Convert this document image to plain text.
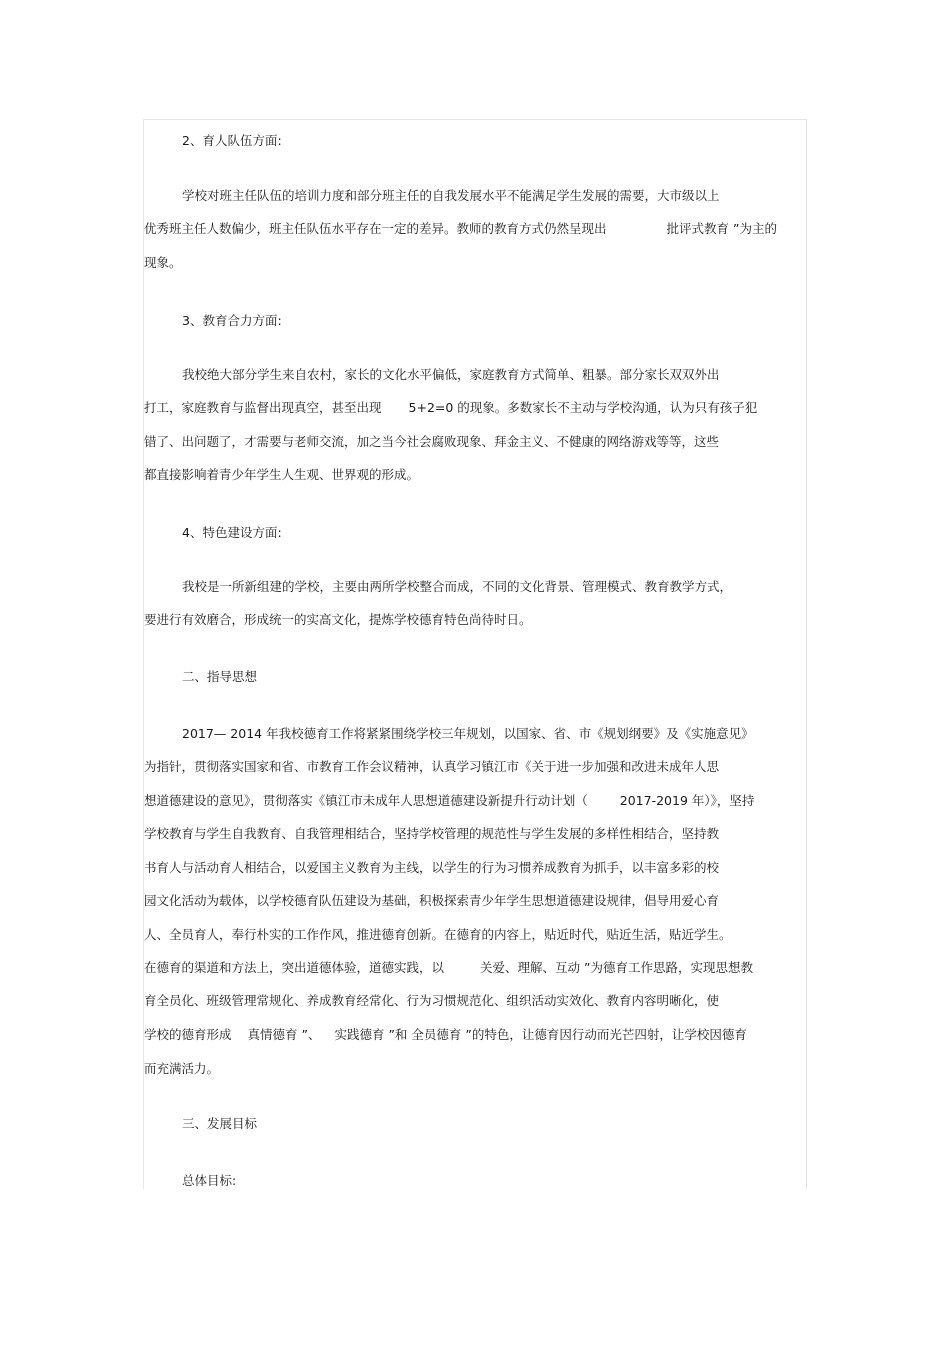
2、育人队伍方面:
学校对班主任队伍的培训力度和部分班主任的自我发展水平不能满足学生发展的需要，大市级以上
优秀班主任人数偏少，班主任队伍水平存在一定的差异。教师的教育方式仍然呈现出	批评式教育 ”为主的
现象。
3、教育合力方面:
我校绝大部分学生来自农村，家长的文化水平偏低，家庭教育方式简单、粗暴。部分家长双双外出
打工，家庭教育与监督出现真空，甚至出现 5+2=0 的现象。多数家长不主动与学校沟通，认为只有孩子犯
错了、出问题了，才需要与老师交流，加之当今社会腐败现象、拜金主义、不健康的网络游戏等等，这些
都直接影响着青少年学生人生观、世界观的形成。
4、特色建设方面:
我校是一所新组建的学校，主要由两所学校整合而成，不同的文化背景、管理模式、教育教学方式，
要进行有效磨合，形成统一的实高文化，提炼学校德育特色尚待时日。
二、指导思想
2017— 2014 年我校德育工作将紧紧围绕学校三年规划，以国家、省、市《规划纲要》及《实施意见》
为指针，贯彻落实国家和省、市教育工作会议精神，认真学习镇江市《关于进一步加强和改进未成年人思
想道德建设的意见》，贯彻落实《镇江市未成年人思想道德建设新提升行动计划（	2017-2019 年）》，坚持
学校教育与学生自我教育、自我管理相结合，坚持学校管理的规范性与学生发展的多样性相结合，坚持教
书育人与活动育人相结合，以爱国主义教育为主线，以学生的行为习惯养成教育为抓手，以丰富多彩的校
园文化活动为载体，以学校德育队伍建设为基础，积极探索青少年学生思想道德建设规律，倡导用爱心育
人、全员育人，奉行朴实的工作作风，推进德育创新。在德育的内容上，贴近时代，贴近生活，贴近学生。
在德育的渠道和方法上，突出道德体验，道德实践，以	关爱、理解、互动 ”为德育工作思路，实现思想教
育全员化、班级管理常规化、养成教育经常化、行为习惯规范化、组织活动实效化、教育内容明晰化，使
学校的德育形成 真情德育 ”、 实践德育 ”和 全员德育 ”的特色，让德育因行动而光芒四射，让学校因德育
而充满活力。
三、发展目标
总体目标:
